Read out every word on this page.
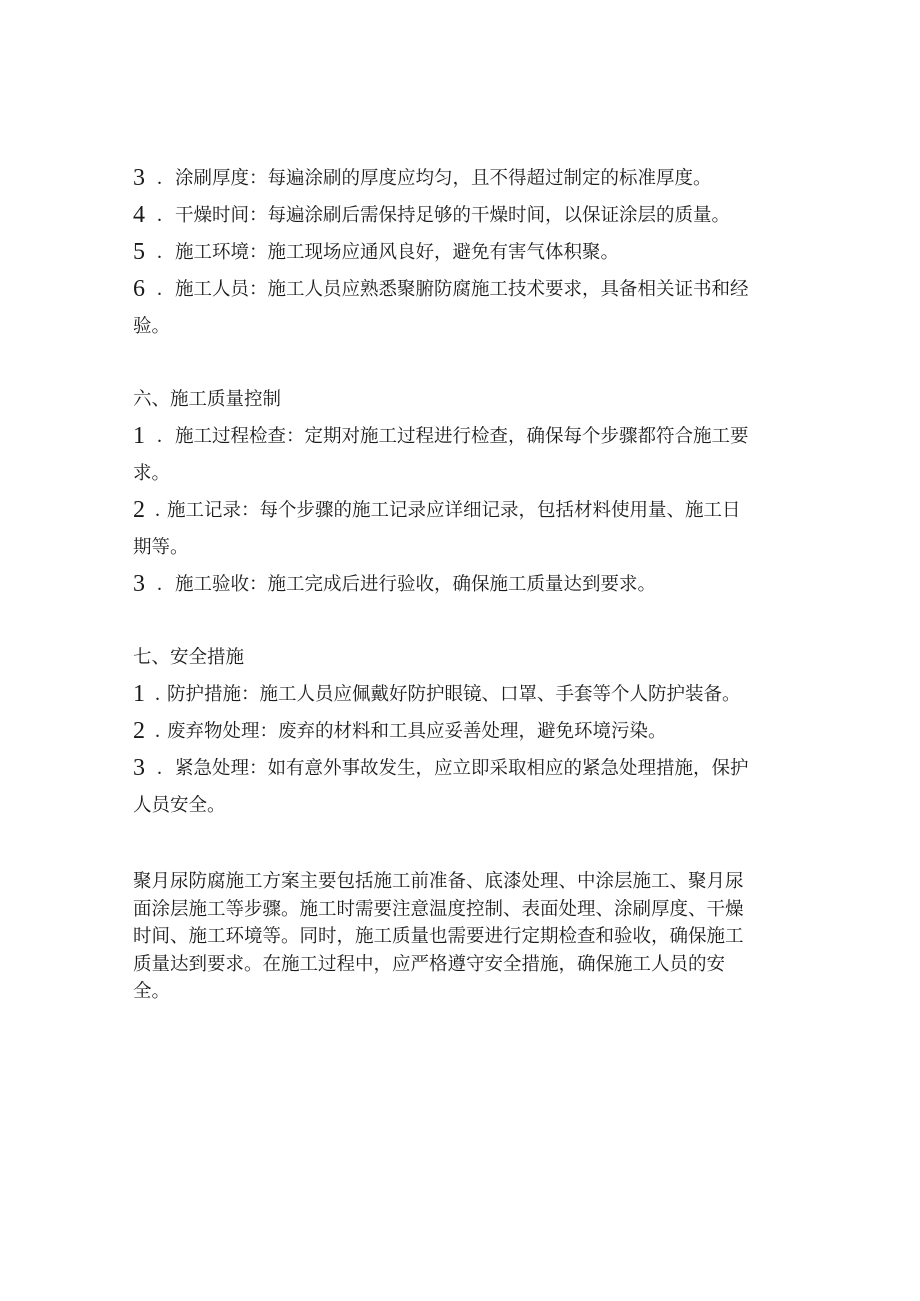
3 . 涂刷厚度：每遍涂刷的厚度应均匀，且不得超过制定的标准厚度。
4 . 干燥时间：每遍涂刷后需保持足够的干燥时间，以保证涂层的质量。
5 . 施工环境：施工现场应通风良好，避免有害气体积聚。
6 . 施工人员：施工人员应熟悉聚腑防腐施工技术要求，具备相关证书和经
验。
六、施工质量控制
1 . 施工过程检查：定期对施工过程进行检查，确保每个步骤都符合施工要
求。
2 . 施工记录：每个步骤的施工记录应详细记录，包括材料使用量、施工日
期等。
3 . 施工验收：施工完成后进行验收，确保施工质量达到要求。
七、安全措施
1 . 防护措施：施工人员应佩戴好防护眼镜、口罩、手套等个人防护装备。
2 . 废弃物处理：废弃的材料和工具应妥善处理，避免环境污染。
3 . 紧急处理：如有意外事故发生，应立即采取相应的紧急处理措施，保护
人员安全。
聚月尿防腐施工方案主要包括施工前准备、底漆处理、中涂层施工、聚月尿
面涂层施工等步骤。施工时需要注意温度控制、表面处理、涂刷厚度、干燥
时间、施工环境等。同时，施工质量也需要进行定期检查和验收，确保施工
质量达到要求。在施工过程中，应严格遵守安全措施，确保施工人员的安
全。
